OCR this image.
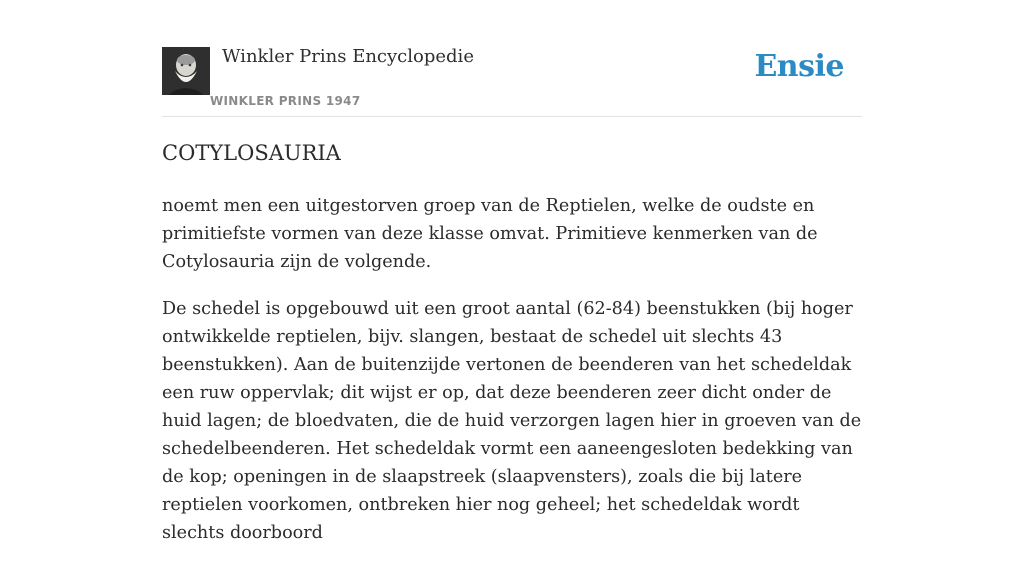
Winkler Prins Encyclopedie
WINKLER PRINS 1947
Ensie
COTYLOSAURIA

noemt men een uitgestorven groep van de Reptielen, welke de oudste en primitiefste vormen van deze klasse omvat. Primitieve kenmerken van de Cotylosauria zijn de volgende.

De schedel is opgebouwd uit een groot aantal (62-84) beenstukken (bij hoger ontwikkelde reptielen, bijv. slangen, bestaat de schedel uit slechts 43 beenstukken). Aan de buitenzijde vertonen de beenderen van het schedeldak een ruw oppervlak; dit wijst er op, dat deze beenderen zeer dicht onder de huid lagen; de bloedvaten, die de huid verzorgen lagen hier in groeven van de schedelbeenderen. Het schedeldak vormt een aaneengesloten bedekking van de kop; openingen in de slaapstreek (slaapvensters), zoals die bij latere reptielen voorkomen, ontbreken hier nog geheel; het schedeldak wordt slechts doorboord
